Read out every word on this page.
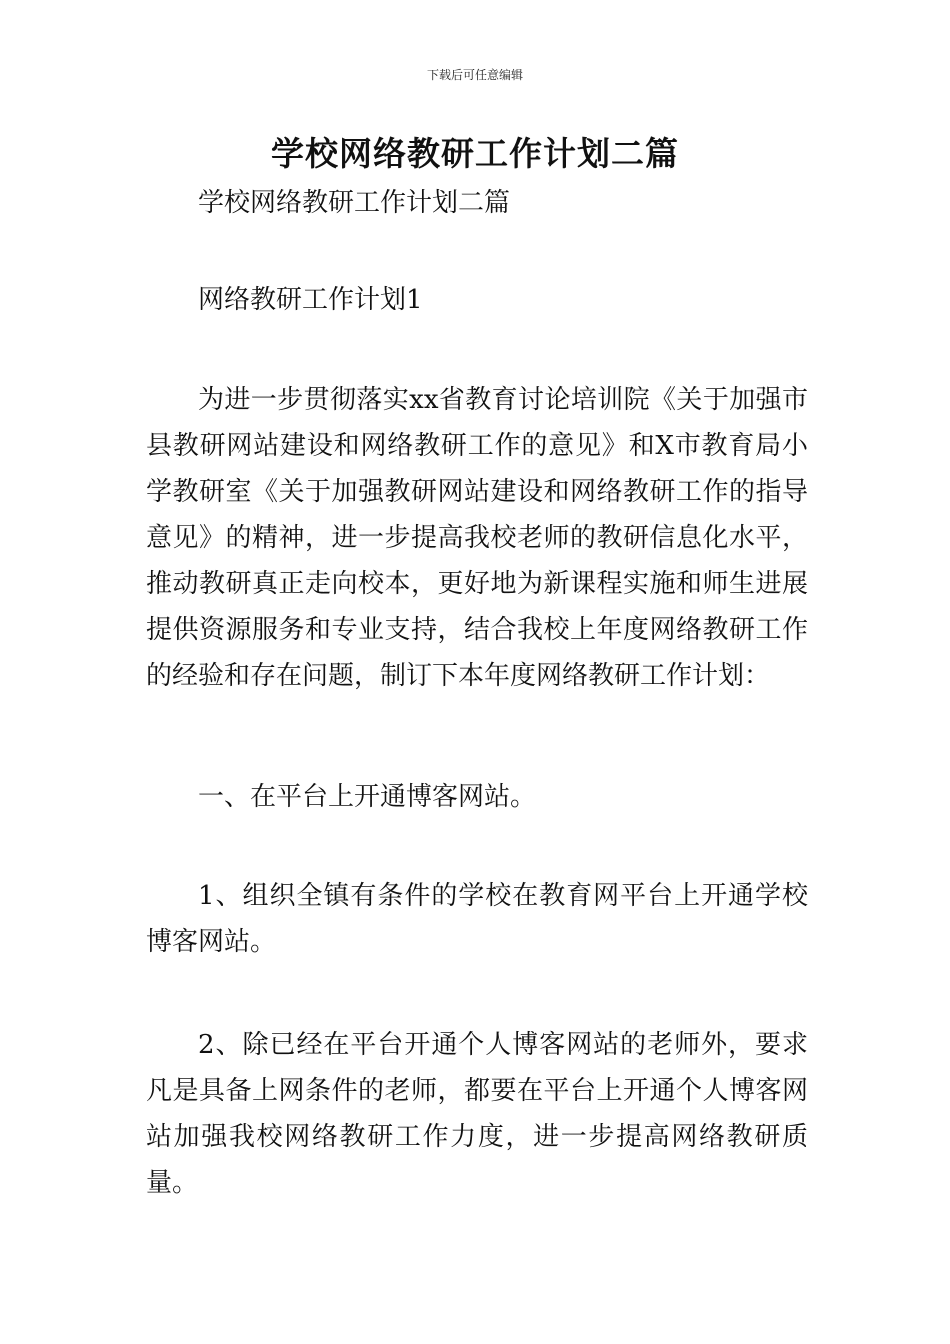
下载后可任意编辑
学校网络教研工作计划二篇

学校网络教研工作计划二篇

网络教研工作计划1

为进一步贯彻落实xx省教育讨论培训院《关于加强市县教研网站建设和网络教研工作的意见》和X市教育局小学教研室《关于加强教研网站建设和网络教研工作的指导意见》的精神，进一步提高我校老师的教研信息化水平，推动教研真正走向校本，更好地为新课程实施和师生进展提供资源服务和专业支持，结合我校上年度网络教研工作的经验和存在问题，制订下本年度网络教研工作计划：

一、在平台上开通博客网站。

1、组织全镇有条件的学校在教育网平台上开通学校博客网站。

2、除已经在平台开通个人博客网站的老师外，要求凡是具备上网条件的老师，都要在平台上开通个人博客网站加强我校网络教研工作力度，进一步提高网络教研质量。
